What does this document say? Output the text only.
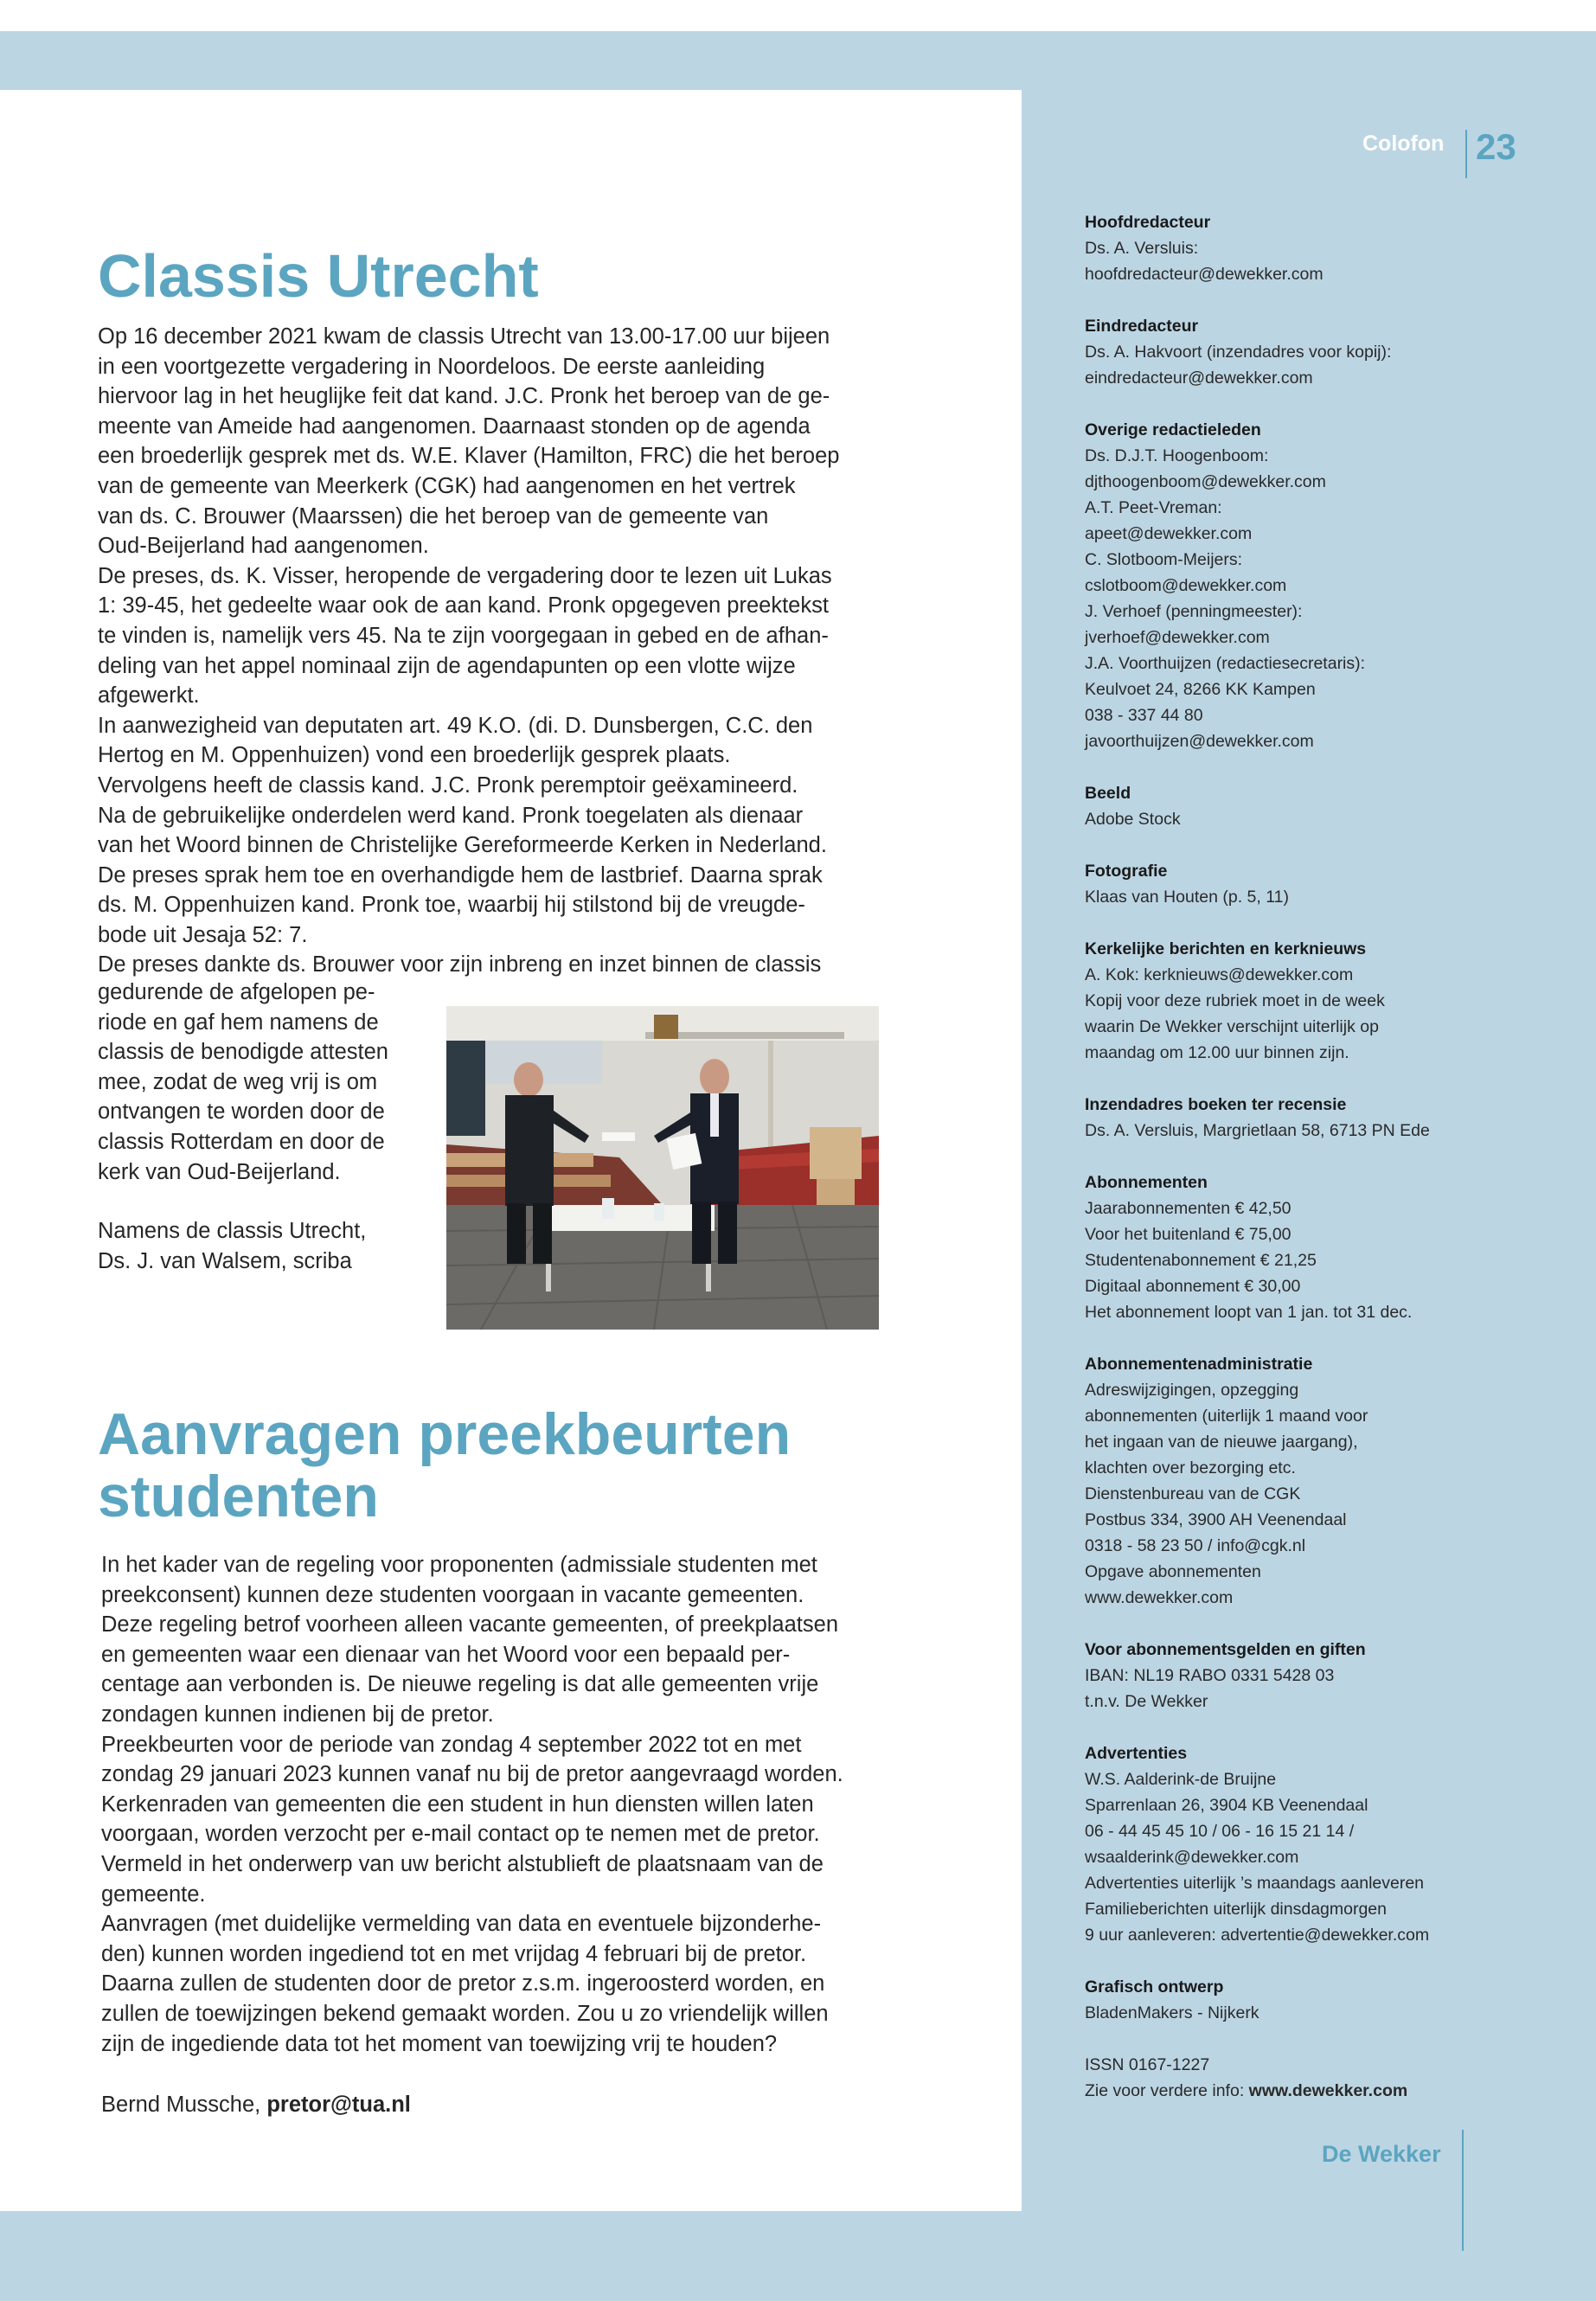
Colofon 23
Classis Utrecht

Op 16 december 2021 kwam de classis Utrecht van 13.00-17.00 uur bijeen

in een voortgezette vergadering in Noordeloos. De eerste aanleiding

hiervoor lag in het heuglijke feit dat kand. J.C. Pronk het beroep van de ge-

meente van Ameide had aangenomen. Daarnaast stonden op de agenda

een broederlijk gesprek met ds. W.E. Klaver (Hamilton, FRC) die het beroep

van de gemeente van Meerkerk (CGK) had aangenomen en het vertrek

van ds. C. Brouwer (Maarssen) die het beroep van de gemeente van

Oud-Beijerland had aangenomen.

De preses, ds. K. Visser, heropende de vergadering door te lezen uit Lukas

1: 39-45, het gedeelte waar ook de aan kand. Pronk opgegeven preektekst

te vinden is, namelijk vers 45. Na te zijn voorgegaan in gebed en de afhan-

deling van het appel nominaal zijn de agendapunten op een vlotte wijze

afgewerkt.

In aanwezigheid van deputaten art. 49 K.O. (di. D. Dunsbergen, C.C. den

Hertog en M. Oppenhuizen) vond een broederlijk gesprek plaats.

Vervolgens heeft de classis kand. J.C. Pronk peremptoir geëxamineerd.

Na de gebruikelijke onderdelen werd kand. Pronk toegelaten als dienaar

van het Woord binnen de Christelijke Gereformeerde Kerken in Nederland.

De preses sprak hem toe en overhandigde hem de lastbrief. Daarna sprak

ds. M. Oppenhuizen kand. Pronk toe, waarbij hij stilstond bij de vreugde-

bode uit Jesaja 52: 7.

De preses dankte ds. Brouwer voor zijn inbreng en inzet binnen de classis

gedurende de afgelopen pe-

riode en gaf hem namens de

classis de benodigde attesten

mee, zodat de weg vrij is om

ontvangen te worden door de

classis Rotterdam en door de

kerk van Oud-Beijerland.

Namens de classis Utrecht,

Ds. J. van Walsem, scriba

Aanvragen preekbeurten studenten

In het kader van de regeling voor proponenten (admissiale studenten met

preekconsent) kunnen deze studenten voorgaan in vacante gemeenten.

Deze regeling betrof voorheen alleen vacante gemeenten, of preekplaatsen

en gemeenten waar een dienaar van het Woord voor een bepaald per-

centage aan verbonden is. De nieuwe regeling is dat alle gemeenten vrije

zondagen kunnen indienen bij de pretor.

Preekbeurten voor de periode van zondag 4 september 2022 tot en met

zondag 29 januari 2023 kunnen vanaf nu bij de pretor aangevraagd worden.

Kerkenraden van gemeenten die een student in hun diensten willen laten

voorgaan, worden verzocht per e-mail contact op te nemen met de pretor.

Vermeld in het onderwerp van uw bericht alstublieft de plaatsnaam van de

gemeente.

Aanvragen (met duidelijke vermelding van data en eventuele bijzonderhe-

den) kunnen worden ingediend tot en met vrijdag 4 februari bij de pretor.

Daarna zullen de studenten door de pretor z.s.m. ingeroosterd worden, en

zullen de toewijzingen bekend gemaakt worden. Zou u zo vriendelijk willen

zijn de ingediende data tot het moment van toewijzing vrij te houden?

Bernd Mussche, pretor@tua.nl

Hoofdredacteur
Ds. A. Versluis:
hoofdredacteur@dewekker.com
Eindredacteur
Ds. A. Hakvoort (inzendadres voor kopij):
eindredacteur@dewekker.com
Overige redactieleden
Ds. D.J.T. Hoogenboom:
djthoogenboom@dewekker.com
A.T. Peet-Vreman:
apeet@dewekker.com
C. Slotboom-Meijers:
cslotboom@dewekker.com
J. Verhoef (penningmeester):
jverhoef@dewekker.com
J.A. Voorthuijzen (redactiesecretaris):
Keulvoet 24, 8266 KK Kampen
038 - 337 44 80
javoorthuijzen@dewekker.com
Beeld
Adobe Stock
Fotografie
Klaas van Houten (p. 5, 11)
Kerkelijke berichten en kerknieuws
A. Kok: kerknieuws@dewekker.com
Kopij voor deze rubriek moet in de week
waarin De Wekker verschijnt uiterlijk op
maandag om 12.00 uur binnen zijn.
Inzendadres boeken ter recensie
Ds. A. Versluis, Margrietlaan 58, 6713 PN Ede
Abonnementen
Jaarabonnementen € 42,50
Voor het buitenland € 75,00
Studentenabonnement € 21,25
Digitaal abonnement € 30,00
Het abonnement loopt van 1 jan. tot 31 dec.
Abonnementenadministratie
Adreswijzigingen, opzegging
abonnementen (uiterlijk 1 maand voor
het ingaan van de nieuwe jaargang),
klachten over bezorging etc.
Dienstenbureau van de CGK
Postbus 334, 3900 AH Veenendaal
0318 - 58 23 50 / info@cgk.nl
Opgave abonnementen
www.dewekker.com
Voor abonnementsgelden en giften
IBAN: NL19 RABO 0331 5428 03
t.n.v. De Wekker
Advertenties
W.S. Aalderink-de Bruijne
Sparrenlaan 26, 3904 KB Veenendaal
06 - 44 45 45 10 / 06 - 16 15 21 14 /
wsaalderink@dewekker.com
Advertenties uiterlijk ’s maandags aanleveren
Familieberichten uiterlijk dinsdagmorgen
9 uur aanleveren: advertentie@dewekker.com
Grafisch ontwerp
BladenMakers - Nijkerk
ISSN 0167-1227
Zie voor verdere info: www.dewekker.com
De Wekker
